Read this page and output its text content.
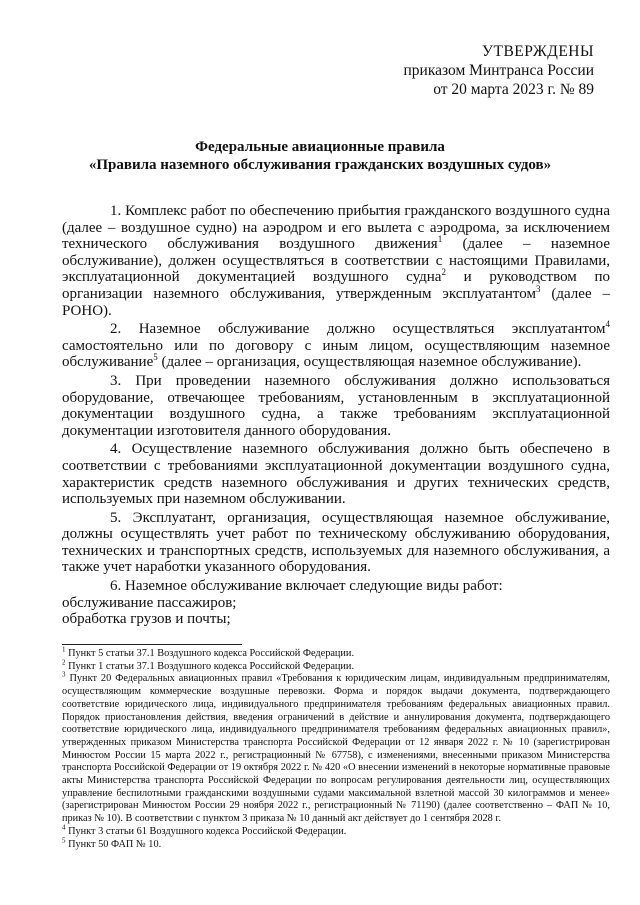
УТВЕРЖДЕНЫ
приказом Минтранса России
от 20 марта 2023 г. № 89
Федеральные авиационные правила
«Правила наземного обслуживания гражданских воздушных судов»

1. Комплекс работ по обеспечению прибытия гражданского воздушного судна (далее – воздушное судно) на аэродром и его вылета с аэродрома, за исключением технического обслуживания воздушного движения$^1$ (далее – наземное обслуживание), должен осуществляться в соответствии с настоящими Правилами, эксплуатационной документацией воздушного судна$^2$ и руководством по организации наземного обслуживания, утвержденным эксплуатантом$^3$ (далее – РОНО).

2. Наземное обслуживание должно осуществляться эксплуатантом$^4$ самостоятельно или по договору с иным лицом, осуществляющим наземное обслуживание$^5$ (далее – организация, осуществляющая наземное обслуживание).

3. При проведении наземного обслуживания должно использоваться оборудование, отвечающее требованиям, установленным в эксплуатационной документации воздушного судна, а также требованиям эксплуатационной документации изготовителя данного оборудования.

4. Осуществление наземного обслуживания должно быть обеспечено в соответствии с требованиями эксплуатационной документации воздушного судна, характеристик средств наземного обслуживания и других технических средств, используемых при наземном обслуживании.

5. Эксплуатант, организация, осуществляющая наземное обслуживание, должны осуществлять учет работ по техническому обслуживанию оборудования, технических и транспортных средств, используемых для наземного обслуживания, а также учет наработки указанного оборудования.

6. Наземное обслуживание включает следующие виды работ:

обслуживание пассажиров;

обработка грузов и почты;

$^1$ Пункт 5 статьи 37.1 Воздушного кодекса Российской Федерации.

$^2$ Пункт 1 статьи 37.1 Воздушного кодекса Российской Федерации.

$^3$ Пункт 20 Федеральных авиационных правил «Требования к юридическим лицам, индивидуальным предпринимателям, осуществляющим коммерческие воздушные перевозки. Форма и порядок выдачи документа, подтверждающего соответствие юридического лица, индивидуального предпринимателя требованиям федеральных авиационных правил. Порядок приостановления действия, введения ограничений в действие и аннулирования документа, подтверждающего соответствие юридического лица, индивидуального предпринимателя требованиям федеральных авиационных правил», утвержденных приказом Министерства транспорта Российской Федерации от 12 января 2022 г. № 10 (зарегистрирован Минюстом России 15 марта 2022 г., регистрационный № 67758), с изменениями, внесенными приказом Министерства транспорта Российской Федерации от 19 октября 2022 г. № 420 «О внесении изменений в некоторые нормативные правовые акты Министерства транспорта Российской Федерации по вопросам регулирования деятельности лиц, осуществляющих управление беспилотными гражданскими воздушными судами максимальной взлетной массой 30 килограммов и менее» (зарегистрирован Минюстом России 29 ноября 2022 г., регистрационный № 71190) (далее соответственно – ФАП № 10, приказ № 10). В соответствии с пунктом 3 приказа № 10 данный акт действует до 1 сентября 2028 г.

$^4$ Пункт 3 статьи 61 Воздушного кодекса Российской Федерации.

$^5$ Пункт 50 ФАП № 10.
